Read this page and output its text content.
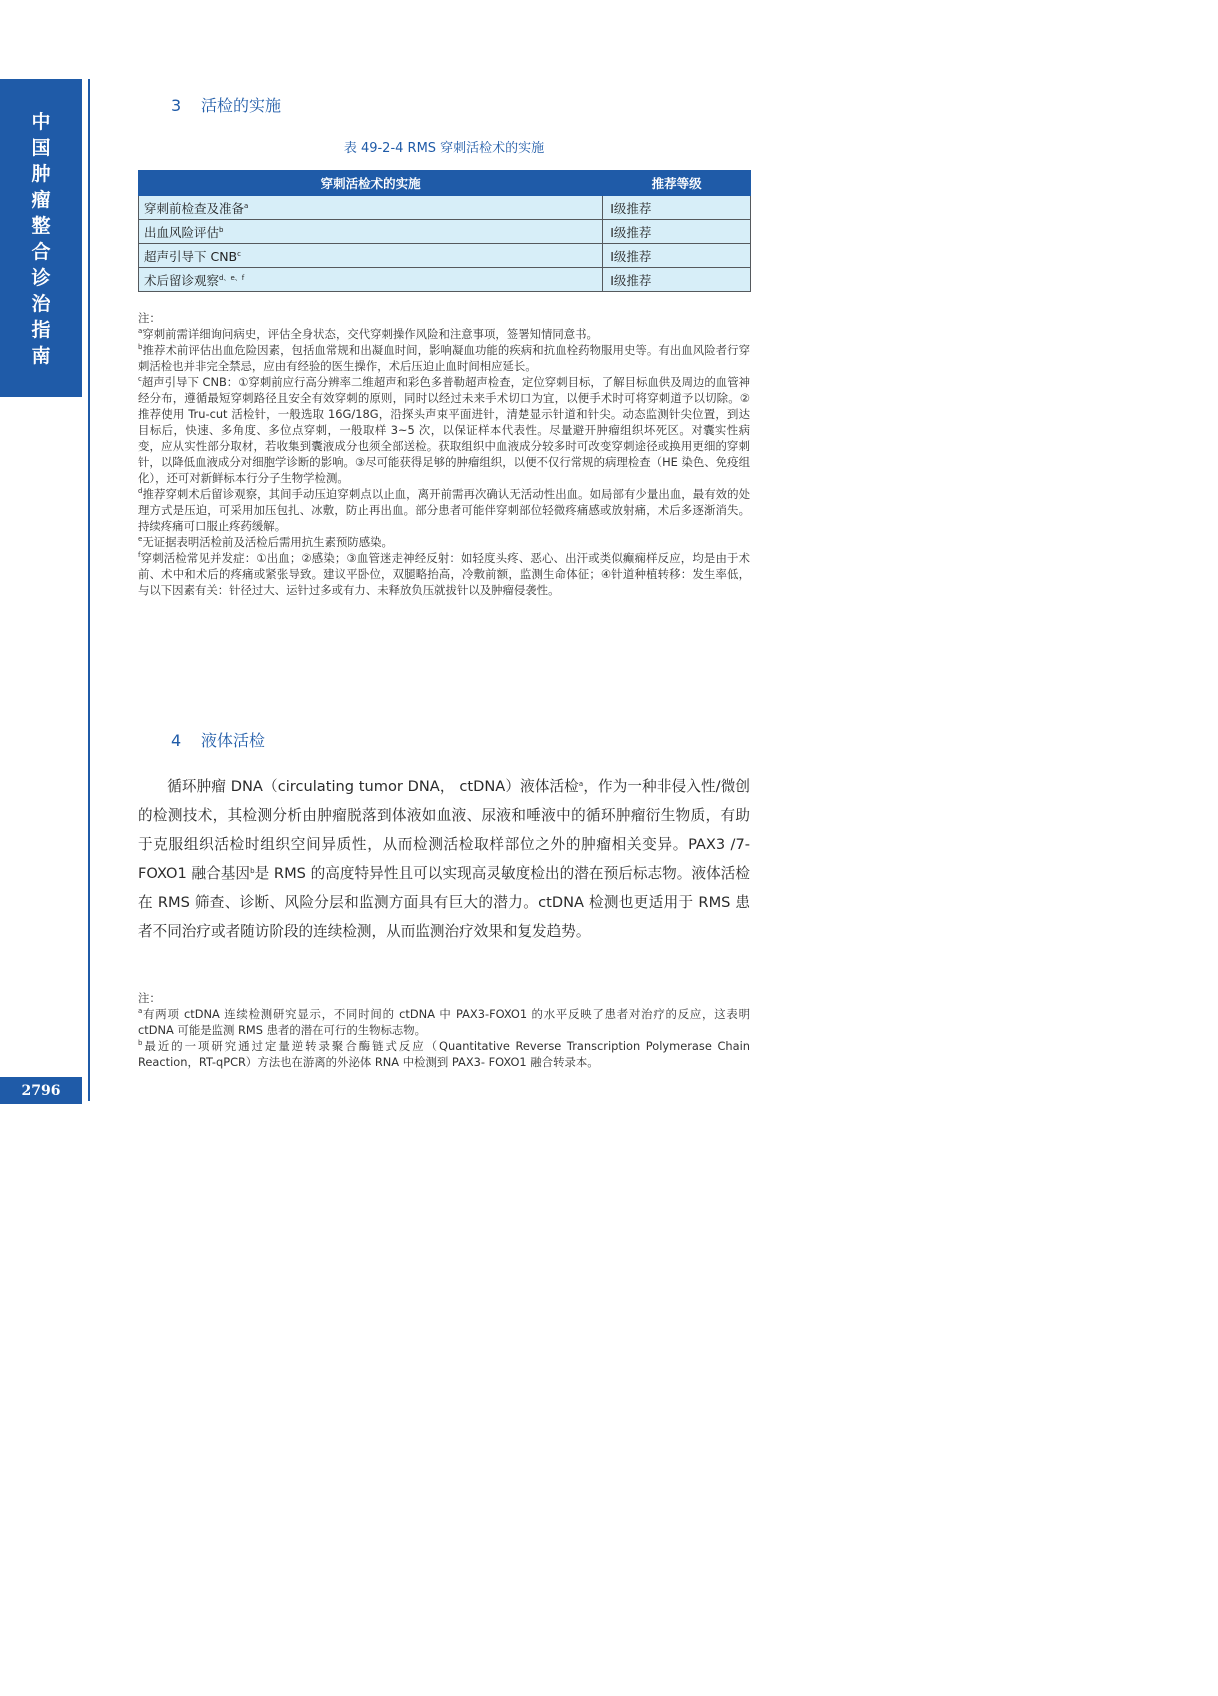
中
国
肿
瘤
整
合
诊
治
指
南
2796
3 活检的实施
表 49-2-4 RMS 穿刺活检术的实施
穿刺活检术的实施	推荐等级
穿刺前检查及准备$^a$	Ⅰ级推荐
出血风险评估$^b$	Ⅰ级推荐
超声引导下 CNB$^c$	Ⅰ级推荐
术后留诊观察$^{d、e、f}$	Ⅰ级推荐

注：

$^a$穿刺前需详细询问病史，评估全身状态，交代穿刺操作风险和注意事项，签署知情同意书。

$^b$推荐术前评估出血危险因素，包括血常规和出凝血时间，影响凝血功能的疾病和抗血栓药物服用史等。有出血风险者行穿刺活检也并非完全禁忌，应由有经验的医生操作，术后压迫止血时间相应延长。

$^c$超声引导下 CNB：①穿刺前应行高分辨率二维超声和彩色多普勒超声检查，定位穿刺目标，了解目标血供及周边的血管神经分布，遵循最短穿刺路径且安全有效穿刺的原则，同时以经过未来手术切口为宜，以便手术时可将穿刺道予以切除。②推荐使用 Tru-cut 活检针，一般选取 16G/18G，沿探头声束平面进针，清楚显示针道和针尖。动态监测针尖位置，到达目标后，快速、多角度、多位点穿刺，一般取样 3~5 次，以保证样本代表性。尽量避开肿瘤组织坏死区。对囊实性病变，应从实性部分取材，若收集到囊液成分也须全部送检。获取组织中血液成分较多时可改变穿刺途径或换用更细的穿刺针，以降低血液成分对细胞学诊断的影响。③尽可能获得足够的肿瘤组织，以便不仅行常规的病理检查（HE 染色、免疫组化），还可对新鲜标本行分子生物学检测。

$^d$推荐穿刺术后留诊观察，其间手动压迫穿刺点以止血，离开前需再次确认无活动性出血。如局部有少量出血，最有效的处理方式是压迫，可采用加压包扎、冰敷，防止再出血。部分患者可能伴穿刺部位轻微疼痛感或放射痛，术后多逐渐消失。持续疼痛可口服止疼药缓解。

$^e$无证据表明活检前及活检后需用抗生素预防感染。

$^f$穿刺活检常见并发症：①出血；②感染；③血管迷走神经反射：如轻度头疼、恶心、出汗或类似癫痫样反应，均是由于术前、术中和术后的疼痛或紧张导致。建议平卧位，双腿略抬高，冷敷前额，监测生命体征；④针道种植转移：发生率低，与以下因素有关：针径过大、运针过多或有力、未释放负压就拔针以及肿瘤侵袭性。

4 液体活检

循环肿瘤 DNA（circulating tumor DNA， ctDNA）液体活检$^a$，作为一种非侵入性/微创的检测技术，其检测分析由肿瘤脱落到体液如血液、尿液和唾液中的循环肿瘤衍生物质，有助于克服组织活检时组织空间异质性，从而检测活检取样部位之外的肿瘤相关变异。PAX3 /7- FOXO1 融合基因$^b$是 RMS 的高度特异性且可以实现高灵敏度检出的潜在预后标志物。液体活检在 RMS 筛查、诊断、风险分层和监测方面具有巨大的潜力。ctDNA 检测也更适用于 RMS 患者不同治疗或者随访阶段的连续检测，从而监测治疗效果和复发趋势。

注：

$^a$有两项 ctDNA 连续检测研究显示，不同时间的 ctDNA 中 PAX3-FOXO1 的水平反映了患者对治疗的反应，这表明 ctDNA 可能是监测 RMS 患者的潜在可行的生物标志物。

$^b$最近的一项研究通过定量逆转录聚合酶链式反应（Quantitative Reverse Transcription Polymerase Chain Reaction，RT-qPCR）方法也在游离的外泌体 RNA 中检测到 PAX3- FOXO1 融合转录本。
